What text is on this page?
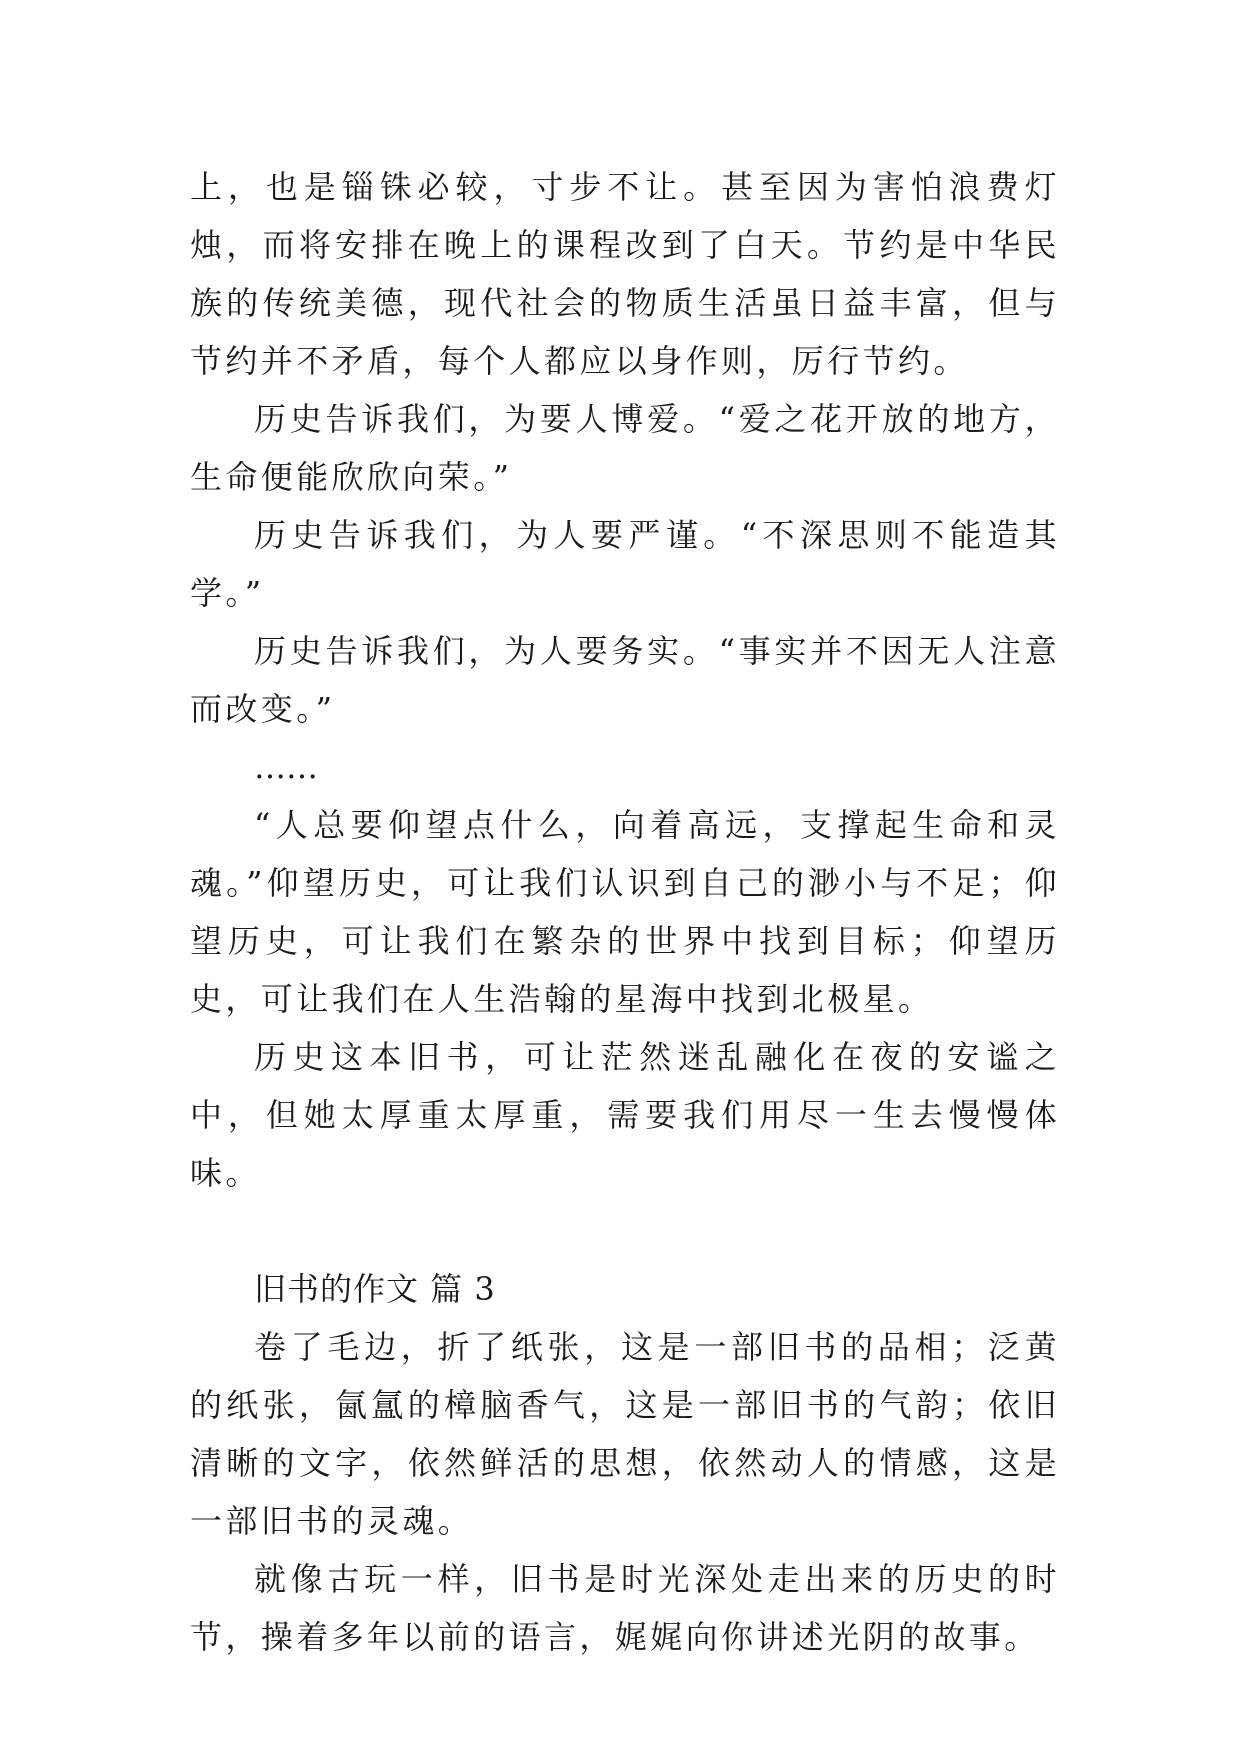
上，也是锱铢必较，寸步不让。甚至因为害怕浪费灯烛，而将安排在晚上的课程改到了白天。节约是中华民族的传统美德，现代社会的物质生活虽日益丰富，但与节约并不矛盾，每个人都应以身作则，厉行节约。

历史告诉我们，为要人博爱。“爱之花开放的地方，生命便能欣欣向荣。”

历史告诉我们，为人要严谨。“不深思则不能造其学。”

历史告诉我们，为人要务实。“事实并不因无人注意而改变。”

……

“人总要仰望点什么，向着高远，支撑起生命和灵魂。”仰望历史，可让我们认识到自己的渺小与不足；仰望历史，可让我们在繁杂的世界中找到目标；仰望历史，可让我们在人生浩翰的星海中找到北极星。

历史这本旧书，可让茫然迷乱融化在夜的安谧之中，但她太厚重太厚重，需要我们用尽一生去慢慢体味。

旧书的作文 篇 3

卷了毛边，折了纸张，这是一部旧书的品相；泛黄的纸张，氤氲的樟脑香气，这是一部旧书的气韵；依旧清晰的文字，依然鲜活的思想，依然动人的情感，这是一部旧书的灵魂。

就像古玩一样，旧书是时光深处走出来的历史的时节，操着多年以前的语言，娓娓向你讲述光阴的故事。
